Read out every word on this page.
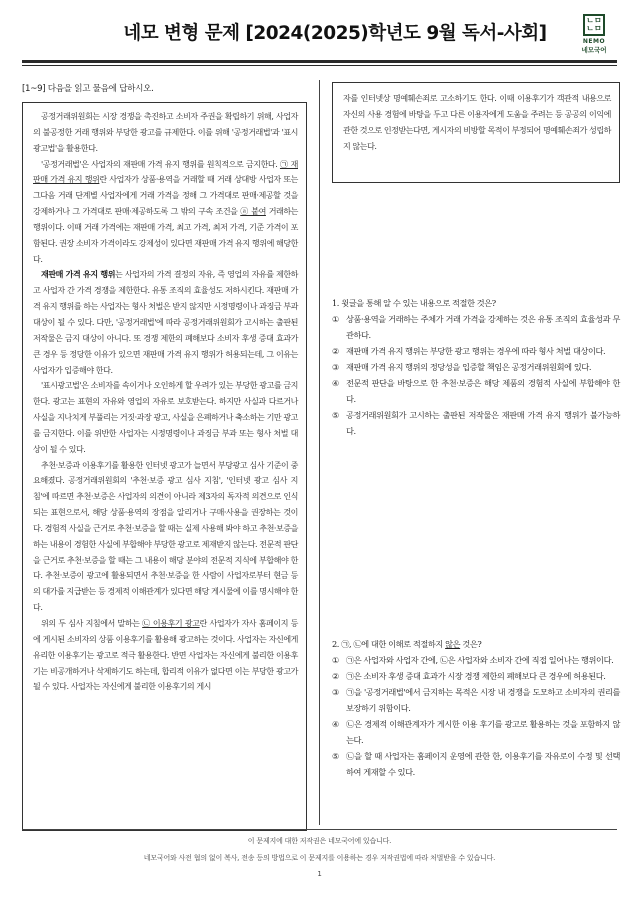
네모 변형 문제 [2024(2025)학년도 9월 독서-사회]
ㄴㅁ
ㄴㅁ
NEMO
네모국어
[1~9] 다음을 읽고 물음에 답하시오.

공정거래위원회는 시장 경쟁을 촉진하고 소비자 주권을 확립하기 위해, 사업자의 불공정한 거래 행위와 부당한 광고를 규제한다. 이를 위해 '공정거래법'과 '표시광고법'을 활용한다.

'공정거래법'은 사업자의 재판매 가격 유지 행위를 원칙적으로 금지한다. ㉠ 재판매 가격 유지 행위란 사업자가 상품·용역을 거래할 때 거래 상대방 사업자 또는 그다음 거래 단계별 사업자에게 거래 가격을 정해 그 가격대로 판매·제공할 것을 강제하거나 그 가격대로 판매·제공하도록 그 밖의 구속 조건을 ⓐ 붙여 거래하는 행위이다. 이때 거래 가격에는 재판매 가격, 최고 가격, 최저 가격, 기준 가격이 포함된다. 권장 소비자 가격이라도 강제성이 있다면 재판매 가격 유지 행위에 해당한다.

재판매 가격 유지 행위는 사업자의 가격 결정의 자유, 즉 영업의 자유를 제한하고 사업자 간 가격 경쟁을 제한한다. 유통 조직의 효율성도 저하시킨다. 재판매 가격 유지 행위를 하는 사업자는 형사 처벌은 받지 않지만 시정명령이나 과징금 부과 대상이 될 수 있다. 다만, '공정거래법'에 따라 공정거래위원회가 고시하는 출판된 저작물은 금지 대상이 아니다. 또 경쟁 제한의 폐해보다 소비자 후생 증대 효과가 큰 경우 등 정당한 이유가 있으면 재판매 가격 유지 행위가 허용되는데, 그 이유는 사업자가 입증해야 한다.

'표시광고법'은 소비자를 속이거나 오인하게 할 우려가 있는 부당한 광고를 금지한다. 광고는 표현의 자유와 영업의 자유로 보호받는다. 하지만 사실과 다르거나 사실을 지나치게 부풀리는 거짓·과장 광고, 사실을 은폐하거나 축소하는 기만 광고를 금지한다. 이를 위반한 사업자는 시정명령이나 과징금 부과 또는 형사 처벌 대상이 될 수 있다.

추천·보증과 이용후기를 활용한 인터넷 광고가 늘면서 부당광고 심사 기준이 중요해졌다. 공정거래위원회의 '추천·보증 광고 심사 지침', '인터넷 광고 심사 지침'에 따르면 추천·보증은 사업자의 의견이 아니라 제3자의 독자적 의견으로 인식되는 표현으로서, 해당 상품·용역의 장점을 알리거나 구매·사용을 권장하는 것이다. 경험적 사실을 근거로 추천·보증을 할 때는 실제 사용해 봐야 하고 추천·보증을 하는 내용이 경험한 사실에 부합해야 부당한 광고로 제재받지 않는다. 전문적 판단을 근거로 추천·보증을 할 때는 그 내용이 해당 분야의 전문적 지식에 부합해야 한다. 추천·보증이 광고에 활용되면서 추천·보증을 한 사람이 사업자로부터 현금 등의 대가를 지급받는 등 경제적 이해관계가 있다면 해당 게시물에 이를 명시해야 한다.

위의 두 심사 지침에서 말하는 ㉡ 이용후기 광고란 사업자가 자사 홈페이지 등에 게시된 소비자의 상품 이용후기를 활용해 광고하는 것이다. 사업자는 자신에게 유리한 이용후기는 광고로 적극 활용한다. 반면 사업자는 자신에게 불리한 이용후기는 비공개하거나 삭제하기도 하는데, 합리적 이유가 없다면 이는 부당한 광고가 될 수 있다. 사업자는 자신에게 불리한 이용후기의 게시

자를 인터넷상 명예훼손죄로 고소하기도 한다. 이때 이용후기가 객관적 내용으로 자신의 사용 경험에 바탕을 두고 다른 이용자에게 도움을 주려는 등 공공의 이익에 관한 것으로 인정받는다면, 게시자의 비방할 목적이 부정되어 명예훼손죄가 성립하지 않는다.

1. 윗글을 통해 알 수 있는 내용으로 적절한 것은?

① 상품·용역을 거래하는 주체가 거래 가격을 강제하는 것은 유통 조직의 효율성과 무관하다.
② 재판매 가격 유지 행위는 부당한 광고 행위는 경우에 따라 형사 처벌 대상이다.
③ 재판매 가격 유지 행위의 정당성을 입증할 책임은 공정거래위원회에 있다.
④ 전문적 판단을 바탕으로 한 추천·보증은 해당 제품의 경험적 사실에 부합해야 한다.
⑤ 공정거래위원회가 고시하는 출판된 저작물은 재판매 가격 유지 행위가 불가능하다.

2. ㉠, ㉡에 대한 이해로 적절하지 않은 것은?

① ㉠은 사업자와 사업자 간에, ㉡은 사업자와 소비자 간에 직접 일어나는 행위이다.
② ㉠은 소비자 후생 증대 효과가 시장 경쟁 제한의 폐해보다 큰 경우에 허용된다.
③ ㉠을 '공정거래법'에서 금지하는 목적은 시장 내 경쟁을 도모하고 소비자의 권리를 보장하기 위함이다.
④ ㉡은 경제적 이해관계자가 게시한 이용 후기를 광고로 활용하는 것을 포함하지 않는다.
⑤ ㉡을 할 때 사업자는 홈페이지 운영에 관한 한, 이용후기를 자유로이 수정 및 선택하여 게재할 수 있다.
이 문제지에 대한 저작권은 네모국어에 있습니다.
네모국어와 사전 협의 없이 복사, 전송 등의 방법으로 이 문제지를 이용하는 경우 저작권법에 따라 처벌받을 수 있습니다.
1
